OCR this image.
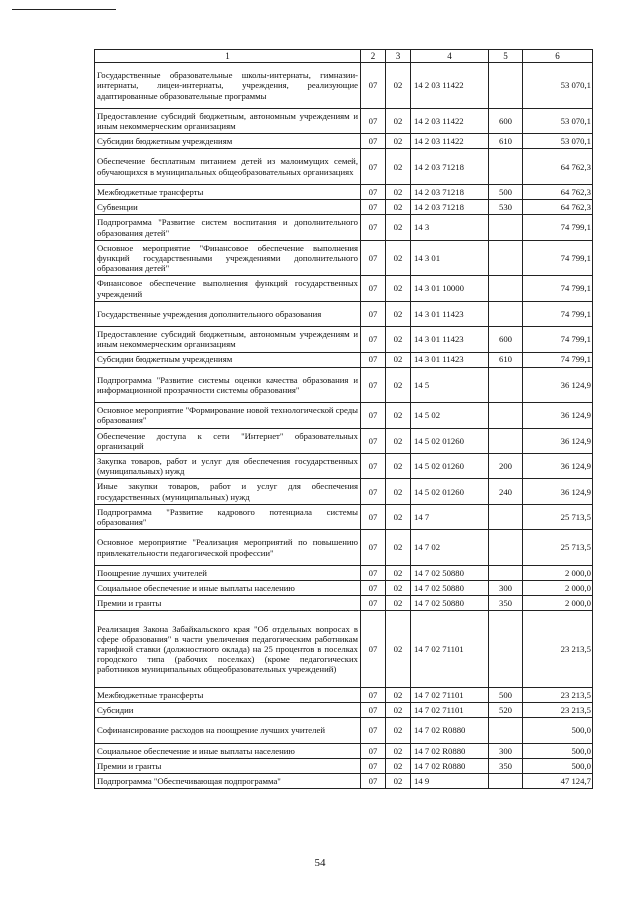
1	2	3	4	5	6
Государственные образовательные школы-интернаты, гимназии-интернаты, лицеи-интернаты, учреждения, реализующие адаптированные образовательные программы	07	02	14 2 03 11422		53 070,1
Предоставление субсидий бюджетным, автономным учреждениям и иным некоммерческим организациям	07	02	14 2 03 11422	600	53 070,1
Субсидии бюджетным учреждениям	07	02	14 2 03 11422	610	53 070,1
Обеспечение бесплатным питанием детей из малоимущих семей, обучающихся в муниципальных общеобразовательных организациях	07	02	14 2 03 71218		64 762,3
Межбюджетные трансферты	07	02	14 2 03 71218	500	64 762,3
Субвенции	07	02	14 2 03 71218	530	64 762,3
Подпрограмма "Развитие систем воспитания и дополнительного образования детей"	07	02	14 3		74 799,1
Основное мероприятие "Финансовое обеспечение выполнения функций государственными учреждениями дополнительного образования детей"	07	02	14 3 01		74 799,1
Финансовое обеспечение выполнения функций государственных учреждений	07	02	14 3 01 10000		74 799,1
Государственные учреждения дополнительного образования	07	02	14 3 01 11423		74 799,1
Предоставление субсидий бюджетным, автономным учреждениям и иным некоммерческим организациям	07	02	14 3 01 11423	600	74 799,1
Субсидии бюджетным учреждениям	07	02	14 3 01 11423	610	74 799,1
Подпрограмма "Развитие системы оценки качества образования и информационной прозрачности системы образования"	07	02	14 5		36 124,9
Основное мероприятие "Формирование новой технологической среды образования"	07	02	14 5 02		36 124,9
Обеспечение доступа к сети "Интернет" образовательных организаций	07	02	14 5 02 01260		36 124,9
Закупка товаров, работ и услуг для обеспечения государственных (муниципальных) нужд	07	02	14 5 02 01260	200	36 124,9
Иные закупки товаров, работ и услуг для обеспечения государственных (муниципальных) нужд	07	02	14 5 02 01260	240	36 124,9
Подпрограмма "Развитие кадрового потенциала системы образования"	07	02	14 7		25 713,5
Основное мероприятие "Реализация мероприятий по повышению привлекательности педагогической профессии"	07	02	14 7 02		25 713,5
Поощрение лучших учителей	07	02	14 7 02 50880		2 000,0
Социальное обеспечение и иные выплаты населению	07	02	14 7 02 50880	300	2 000,0
Премии и гранты	07	02	14 7 02 50880	350	2 000,0
Реализация Закона Забайкальского края "Об отдельных вопросах в сфере образования" в части увеличения педагогическим работникам тарифной ставки (должностного оклада) на 25 процентов в поселках городского типа (рабочих поселках) (кроме педагогических работников муниципальных общеобразовательных учреждений)	07	02	14 7 02 71101		23 213,5
Межбюджетные трансферты	07	02	14 7 02 71101	500	23 213,5
Субсидии	07	02	14 7 02 71101	520	23 213,5
Софинансирование расходов на поощрение лучших учителей	07	02	14 7 02 R0880		500,0
Социальное обеспечение и иные выплаты населению	07	02	14 7 02 R0880	300	500,0
Премии и гранты	07	02	14 7 02 R0880	350	500,0
Подпрограмма "Обеспечивающая подпрограмма"	07	02	14 9		47 124,7
54
